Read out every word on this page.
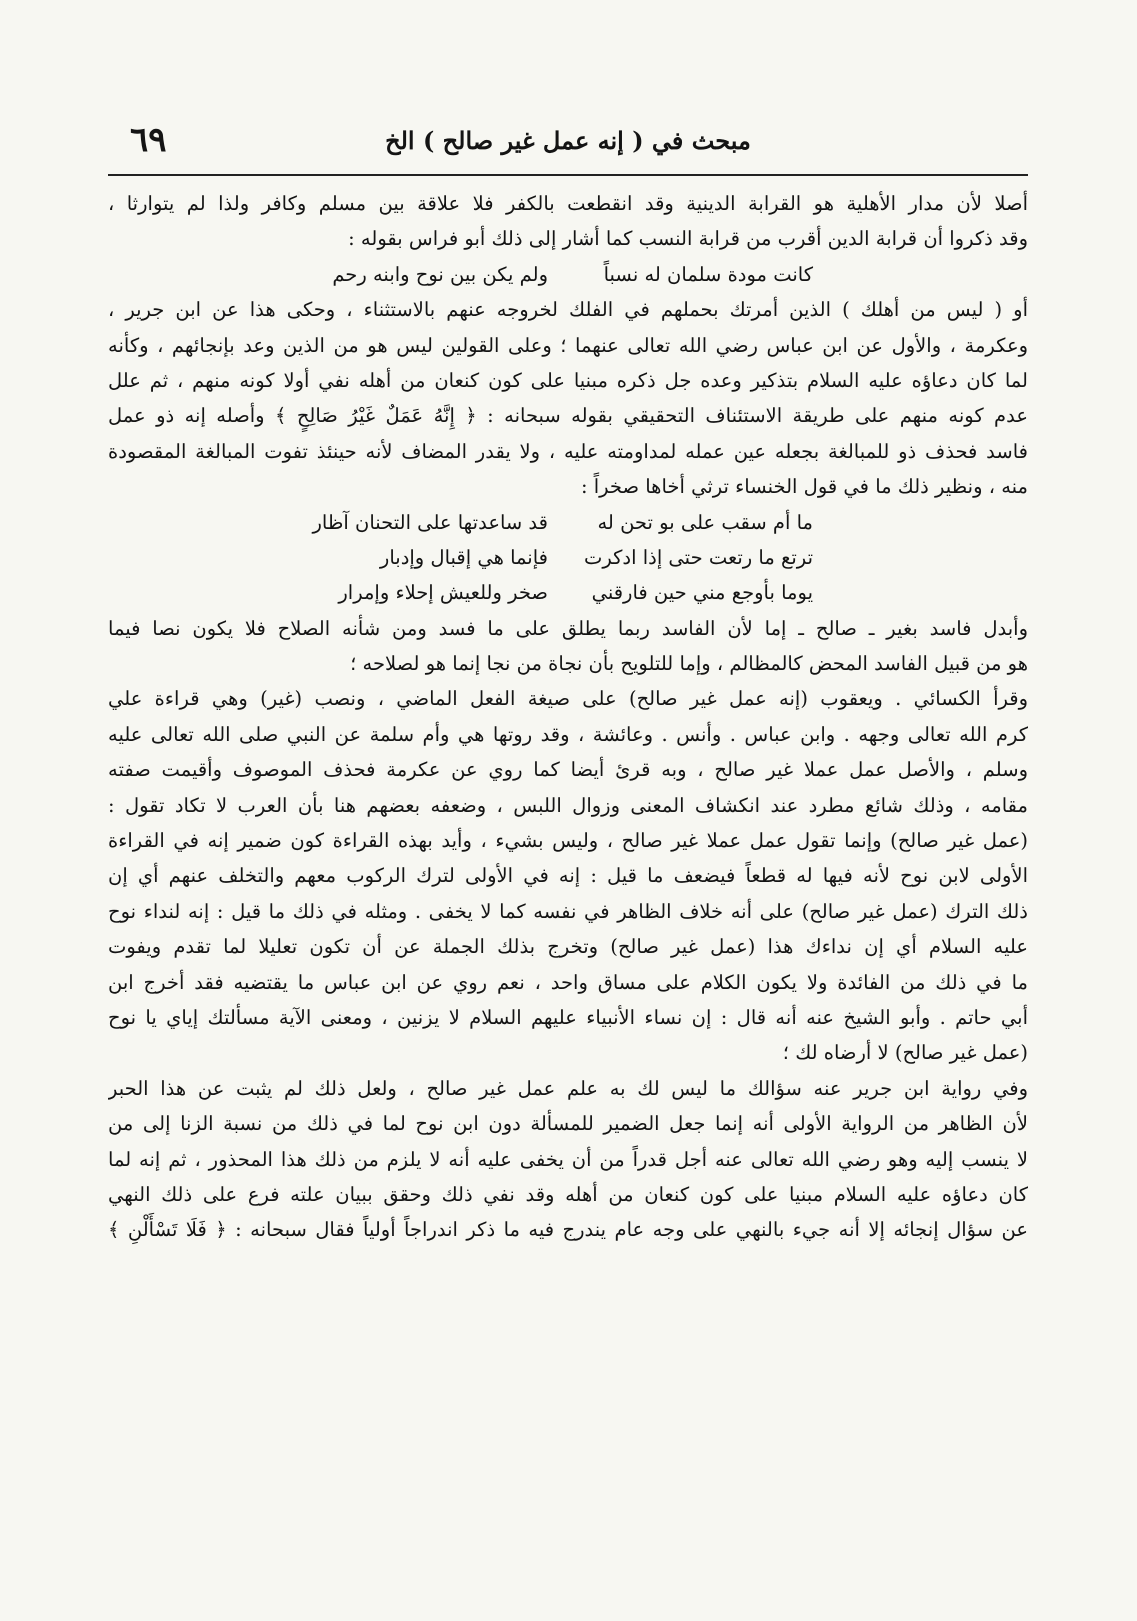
مبحث في ( إنه عمل غير صالح ) الخ
٦٩
أصلا لأن مدار الأهلية هو القرابة الدينية وقد انقطعت بالكفر فلا علاقة بين مسلم وكافر ولذا لم يتوارثا ،
وقد ذكروا أن قرابة الدين أقرب من قرابة النسب كما أشار إلى ذلك أبو فراس بقوله :
كانت مودة سلمان له نسباً
ولم يكن بين نوح وابنه رحم
أو ( ليس من أهلك ) الذين أمرتك بحملهم في الفلك لخروجه عنهم بالاستثناء ، وحكى هذا عن ابن جرير ،
وعكرمة ، والأول عن ابن عباس رضي الله تعالى عنهما ؛ وعلى القولين ليس هو من الذين وعد بإنجائهم ، وكأنه
لما كان دعاؤه عليه السلام بتذكير وعده جل ذكره مبنيا على كون كنعان من أهله نفي أولا كونه منهم ، ثم علل
عدم كونه منهم على طريقة الاستئناف التحقيقي بقوله سبحانه : ﴿ إِنَّهُ عَمَلٌ غَيْرُ صَالِحٍ ﴾ وأصله إنه ذو عمل
فاسد فحذف ذو للمبالغة بجعله عين عمله لمداومته عليه ، ولا يقدر المضاف لأنه حينئذ تفوت المبالغة المقصودة
منه ، ونظير ذلك ما في قول الخنساء ترثي أخاها صخراً :
ما أم سقب على بو تحن له
قد ساعدتها على التحنان آظار
ترتع ما رتعت حتى إذا ادكرت
فإنما هي إقبال وإدبار
يوما بأوجع مني حين فارقني
صخر وللعيش إحلاء وإمرار
وأبدل فاسد بغير ـ صالح ـ إما لأن الفاسد ربما يطلق على ما فسد ومن شأنه الصلاح فلا يكون نصا فيما
هو من قبيل الفاسد المحض كالمظالم ، وإما للتلويح بأن نجاة من نجا إنما هو لصلاحه ؛
وقرأ الكسائي . ويعقوب (إنه عمل غير صالح) على صيغة الفعل الماضي ، ونصب (غير) وهي قراءة علي
كرم الله تعالى وجهه . وابن عباس . وأنس . وعائشة ، وقد روتها هي وأم سلمة عن النبي صلى الله تعالى عليه
وسلم ، والأصل عمل عملا غير صالح ، وبه قرئ أيضا كما روي عن عكرمة فحذف الموصوف وأقيمت صفته
مقامه ، وذلك شائع مطرد عند انكشاف المعنى وزوال اللبس ، وضعفه بعضهم هنا بأن العرب لا تكاد تقول :
(عمل غير صالح) وإنما تقول عمل عملا غير صالح ، وليس بشيء ، وأيد بهذه القراءة كون ضمير إنه في القراءة
الأولى لابن نوح لأنه فيها له قطعاً فيضعف ما قيل : إنه في الأولى لترك الركوب معهم والتخلف عنهم أي إن
ذلك الترك (عمل غير صالح) على أنه خلاف الظاهر في نفسه كما لا يخفى . ومثله في ذلك ما قيل : إنه لنداء نوح
عليه السلام أي إن نداءك هذا (عمل غير صالح) وتخرج بذلك الجملة عن أن تكون تعليلا لما تقدم ويفوت
ما في ذلك من الفائدة ولا يكون الكلام على مساق واحد ، نعم روي عن ابن عباس ما يقتضيه فقد أخرج ابن
أبي حاتم . وأبو الشيخ عنه أنه قال : إن نساء الأنبياء عليهم السلام لا يزنين ، ومعنى الآية مسألتك إياي يا نوح
(عمل غير صالح) لا أرضاه لك ؛
وفي رواية ابن جرير عنه سؤالك ما ليس لك به علم عمل غير صالح ، ولعل ذلك لم يثبت عن هذا الحبر
لأن الظاهر من الرواية الأولى أنه إنما جعل الضمير للمسألة دون ابن نوح لما في ذلك من نسبة الزنا إلى من
لا ينسب إليه وهو رضي الله تعالى عنه أجل قدراً من أن يخفى عليه أنه لا يلزم من ذلك هذا المحذور ، ثم إنه لما
كان دعاؤه عليه السلام مبنيا على كون كنعان من أهله وقد نفي ذلك وحقق ببيان علته فرع على ذلك النهي
عن سؤال إنجائه إلا أنه جيء بالنهي على وجه عام يندرج فيه ما ذكر اندراجاً أولياً فقال سبحانه : ﴿ فَلَا تَسْأَلْنِ ﴾
